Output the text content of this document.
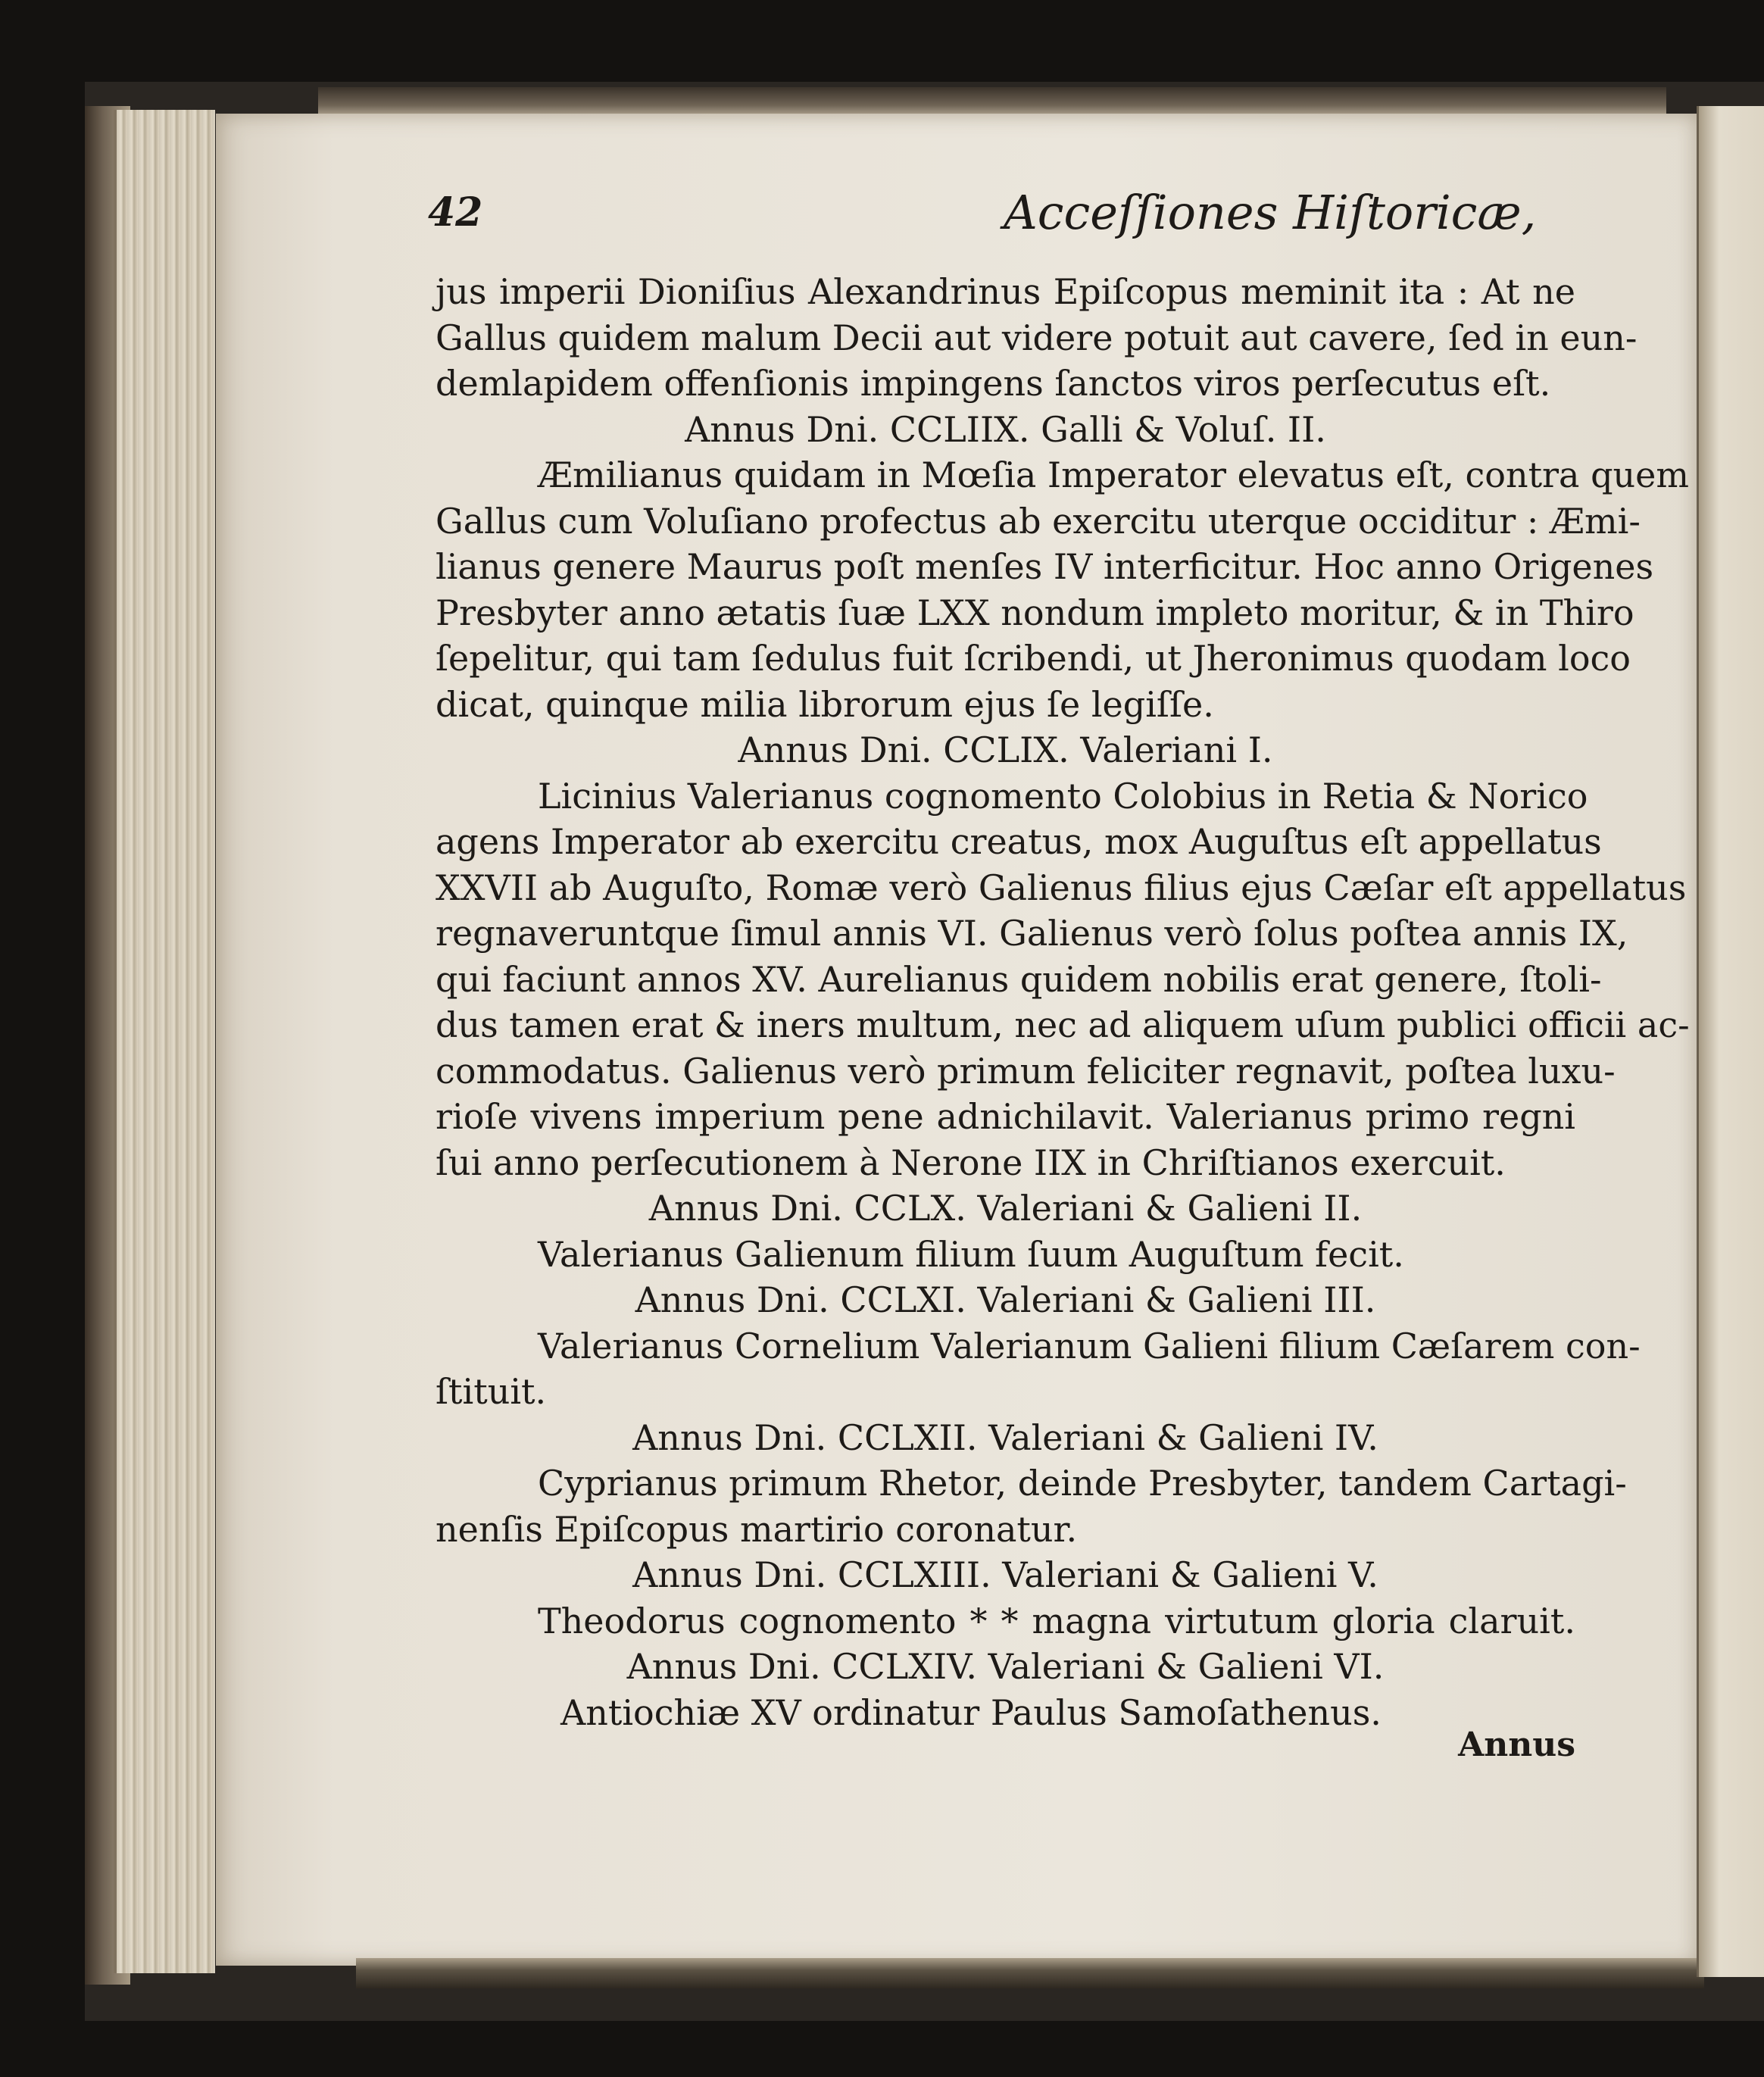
42	Acceſſiones Hiſtoricæ,
jus imperii Dioniſius Alexandrinus Epiſcopus meminit ita : At ne
Gallus quidem malum Decii aut videre potuit aut cavere, ſed in eun-
demlapidem offenſionis impingens ſanctos viros perſecutus eſt.
Annus Dni. CCLIIX. Galli & Voluſ. II.
Æmilianus quidam in Mœſia Imperator elevatus eſt, contra quem
Gallus cum Voluſiano profectus ab exercitu uterque occiditur : Æmi-
lianus genere Maurus poſt menſes IV interficitur. Hoc anno Origenes
Presbyter anno ætatis ſuæ LXX nondum impleto moritur, & in Thiro
ſepelitur, qui tam ſedulus fuit ſcribendi, ut Jheronimus quodam loco
dicat, quinque milia librorum ejus ſe legiſſe.
Annus Dni. CCLIX. Valeriani I.
Licinius Valerianus cognomento Colobius in Retia & Norico
agens Imperator ab exercitu creatus, mox Auguſtus eſt appellatus
XXVII ab Auguſto, Romæ verò Galienus filius ejus Cæſar eſt appellatus
regnaveruntque ſimul annis VI. Galienus verò ſolus poſtea annis IX,
qui faciunt annos XV. Aurelianus quidem nobilis erat genere, ſtoli-
dus tamen erat & iners multum, nec ad aliquem uſum publici officii ac-
commodatus. Galienus verò primum feliciter regnavit, poſtea luxu-
rioſe vivens imperium pene adnichilavit. Valerianus primo regni
ſui anno perſecutionem à Nerone IIX in Chriſtianos exercuit.
Annus Dni. CCLX. Valeriani & Galieni II.
Valerianus Galienum filium ſuum Auguſtum fecit.
Annus Dni. CCLXI. Valeriani & Galieni III.
Valerianus Cornelium Valerianum Galieni filium Cæſarem con-
ſtituit.
Annus Dni. CCLXII. Valeriani & Galieni IV.
Cyprianus primum Rhetor, deinde Presbyter, tandem Cartagi-
nenſis Epiſcopus martirio coronatur.
Annus Dni. CCLXIII. Valeriani & Galieni V.
Theodorus cognomento * * magna virtutum gloria claruit.
Annus Dni. CCLXIV. Valeriani & Galieni VI.
Antiochiæ XV ordinatur Paulus Samoſathenus.
Annus
